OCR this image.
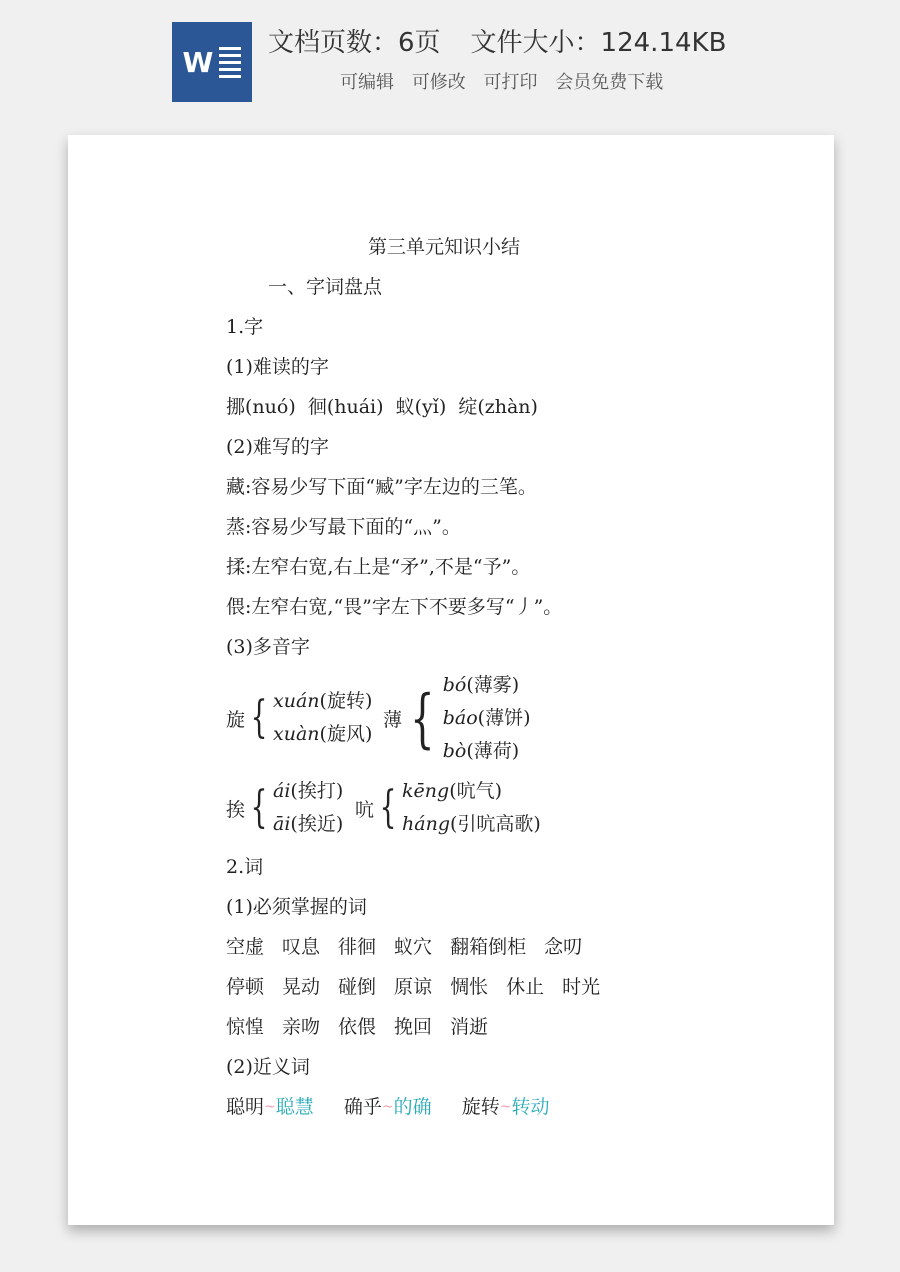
W
文档页数：6页 文件大小：124.14KB
可编辑 可修改 可打印 会员免费下载
第三单元知识小结
一、字词盘点
1.字
(1)难读的字
挪(nuó)  徊(huái)  蚁(yǐ)  绽(zhàn)
(2)难写的字
藏:容易少写下面“臧”字左边的三笔。
蒸:容易少写最下面的“灬”。
揉:左窄右宽,右上是“矛”,不是“予”。
偎:左窄右宽,“畏”字左下不要多写“丿”。
(3)多音字
旋 { xuán(旋转)
xuàn(旋风)
薄 { bó(薄雾)
báo(薄饼)
bò(薄荷)
挨 { ái(挨打)
āi(挨近)
吭 { kēng(吭气)
háng(引吭高歌)
2.词
(1)必须掌握的词
空虚 叹息 徘徊 蚁穴 翻箱倒柜 念叨
停顿 晃动 碰倒 原谅 惆怅 休止 时光
惊惶 亲吻 依偎 挽回 消逝
(2)近义词
聪明~聪慧 确乎~的确 旋转~转动
